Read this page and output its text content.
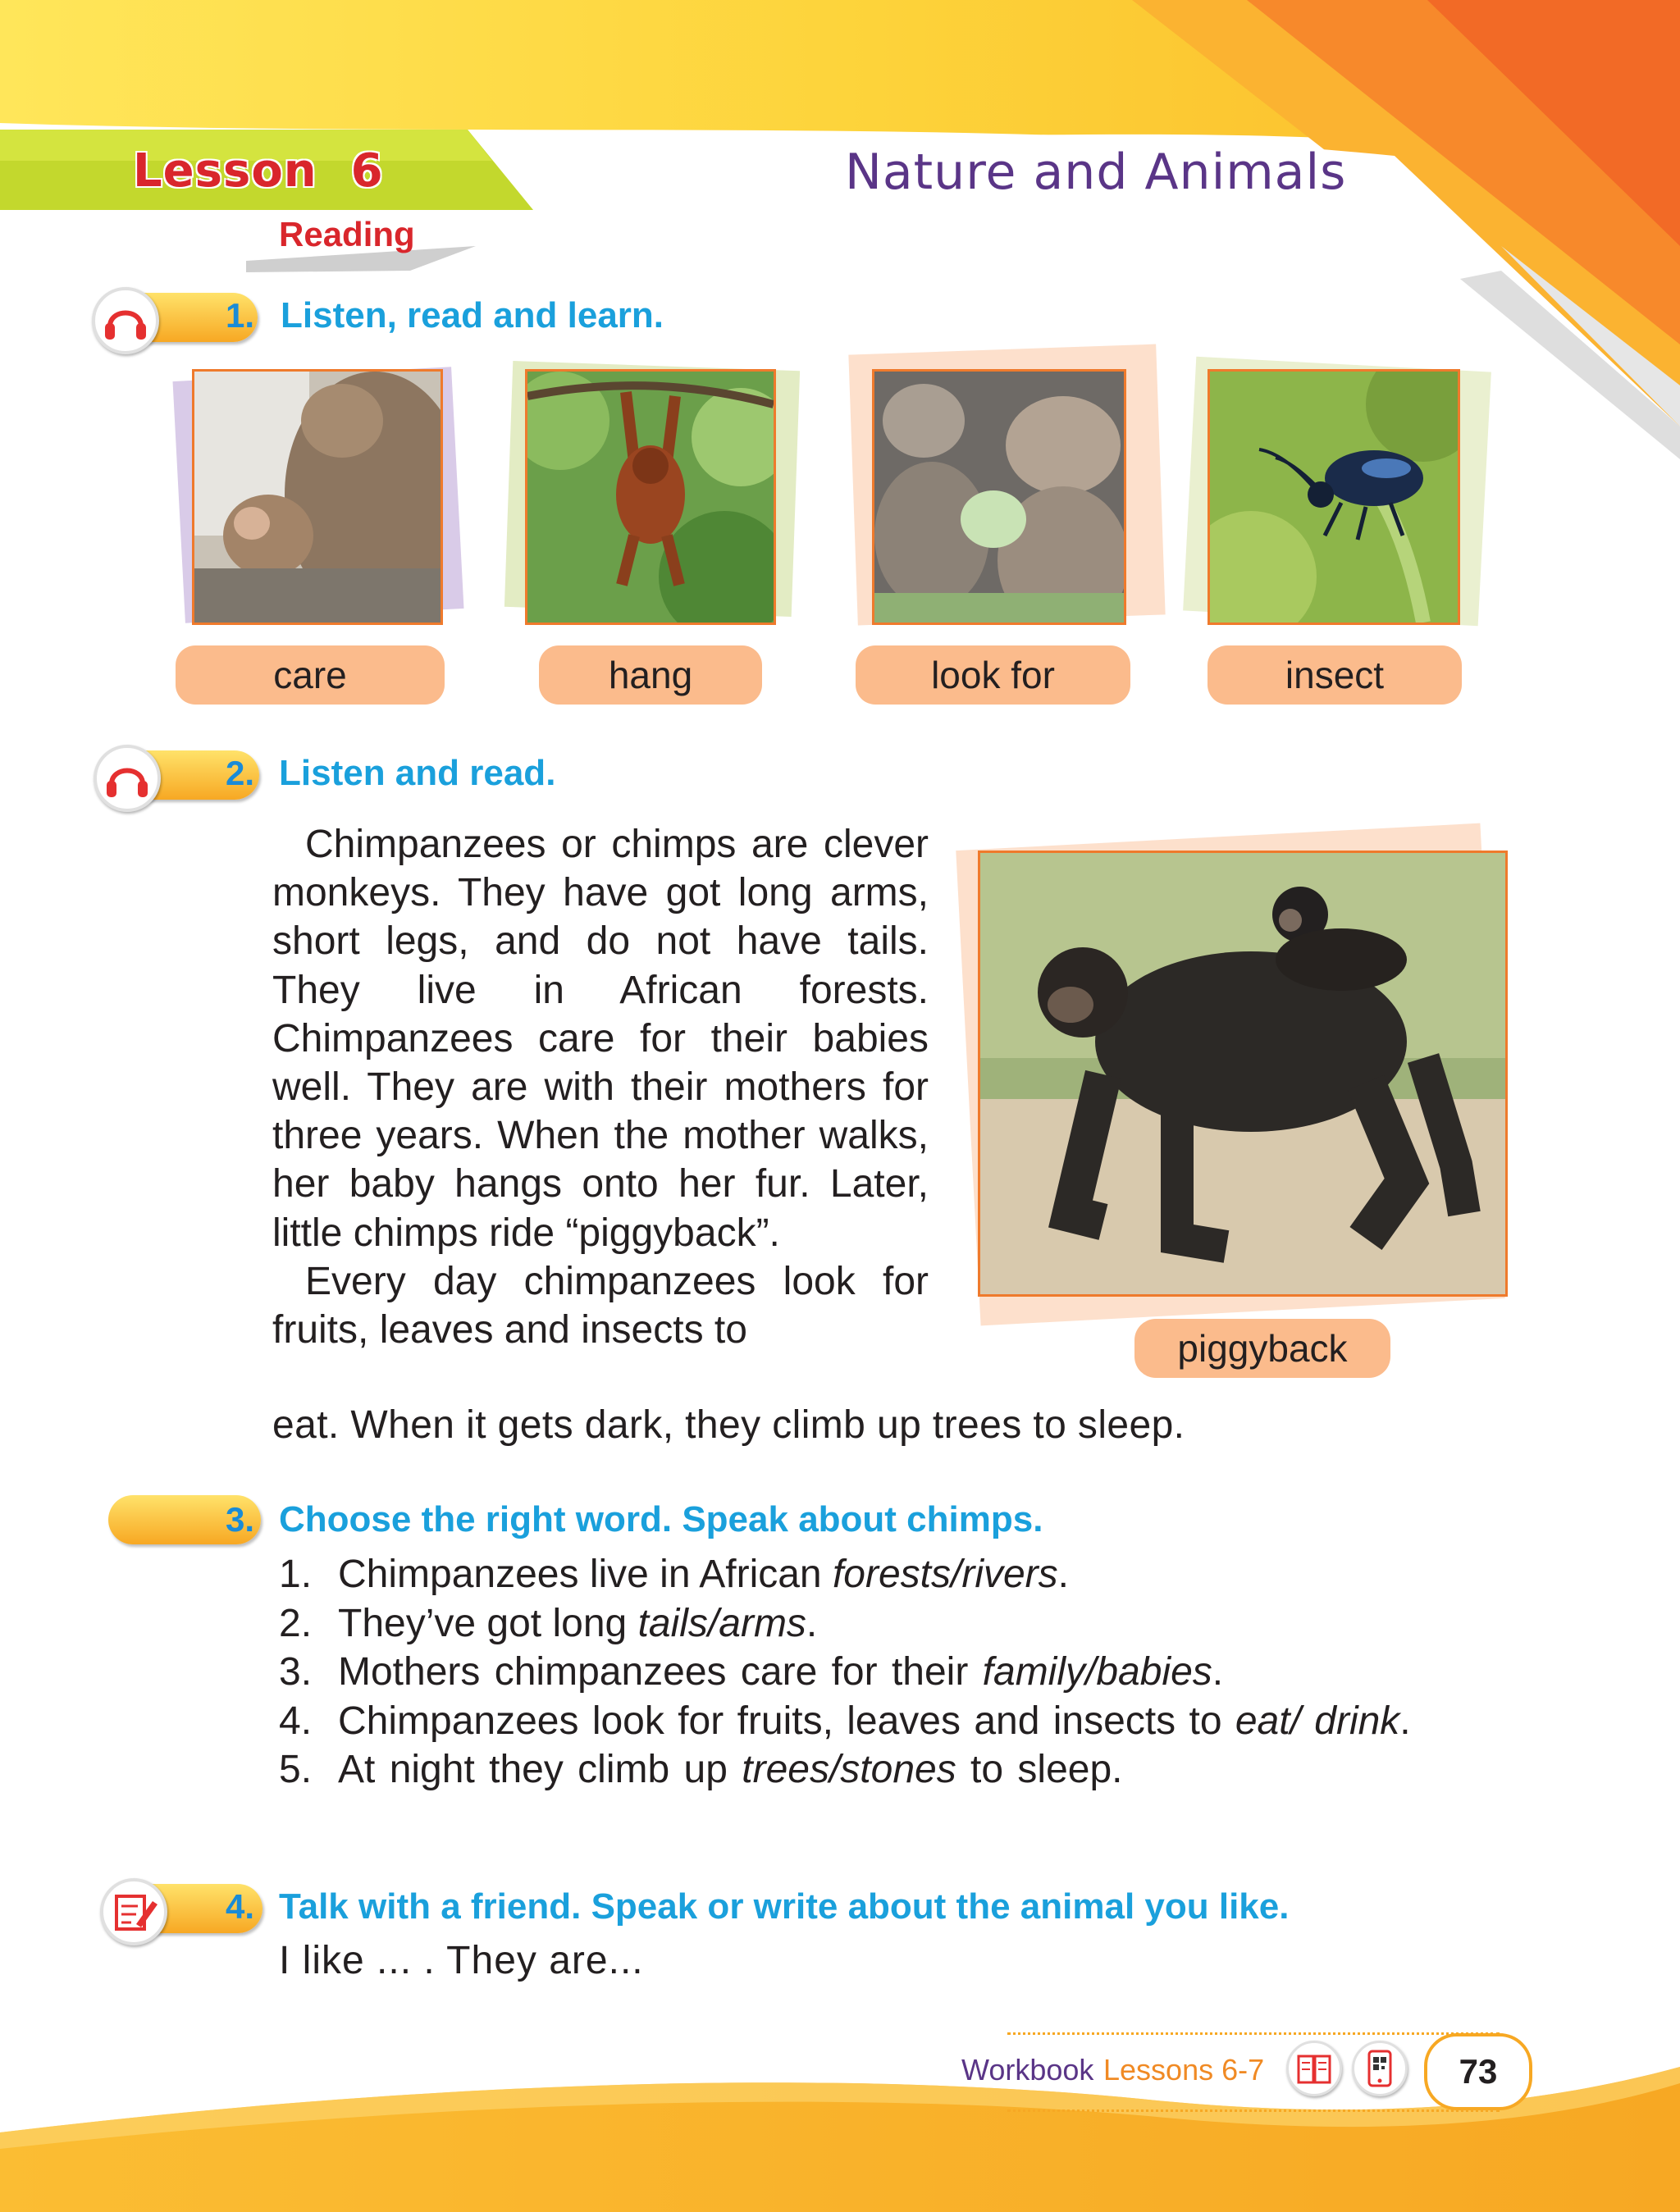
Lesson 6	Nature and Animals
Reading
1. Listen, read and learn.
care	hang	look for	insect
2. Listen and read.

Chimpanzees or chimps are clever monkeys. They have got long arms, short legs, and do not have tails. They live in African forests. Chimpanzees care for their babies well. They are with their mothers for three years. When the mother walks, her baby hangs onto her fur. Later, little chimps ride “piggyback”.

Every day chimpanzees look for fruits, leaves and insects to

eat. When it gets dark, they climb up trees to sleep.
piggyback
3. Choose the right word. Speak about chimps.
1. Chimpanzees live in African forests/rivers.
2. They’ve got long tails/arms.
3. Mothers chimpanzees care for their family/babies.
4. Chimpanzees look for fruits, leaves and insects to eat/ drink.
5. At night they climb up trees/stones to sleep.
4. Talk with a friend. Speak or write about the animal you like.
I like ... . They are...
Workbook Lessons 6-7	73
